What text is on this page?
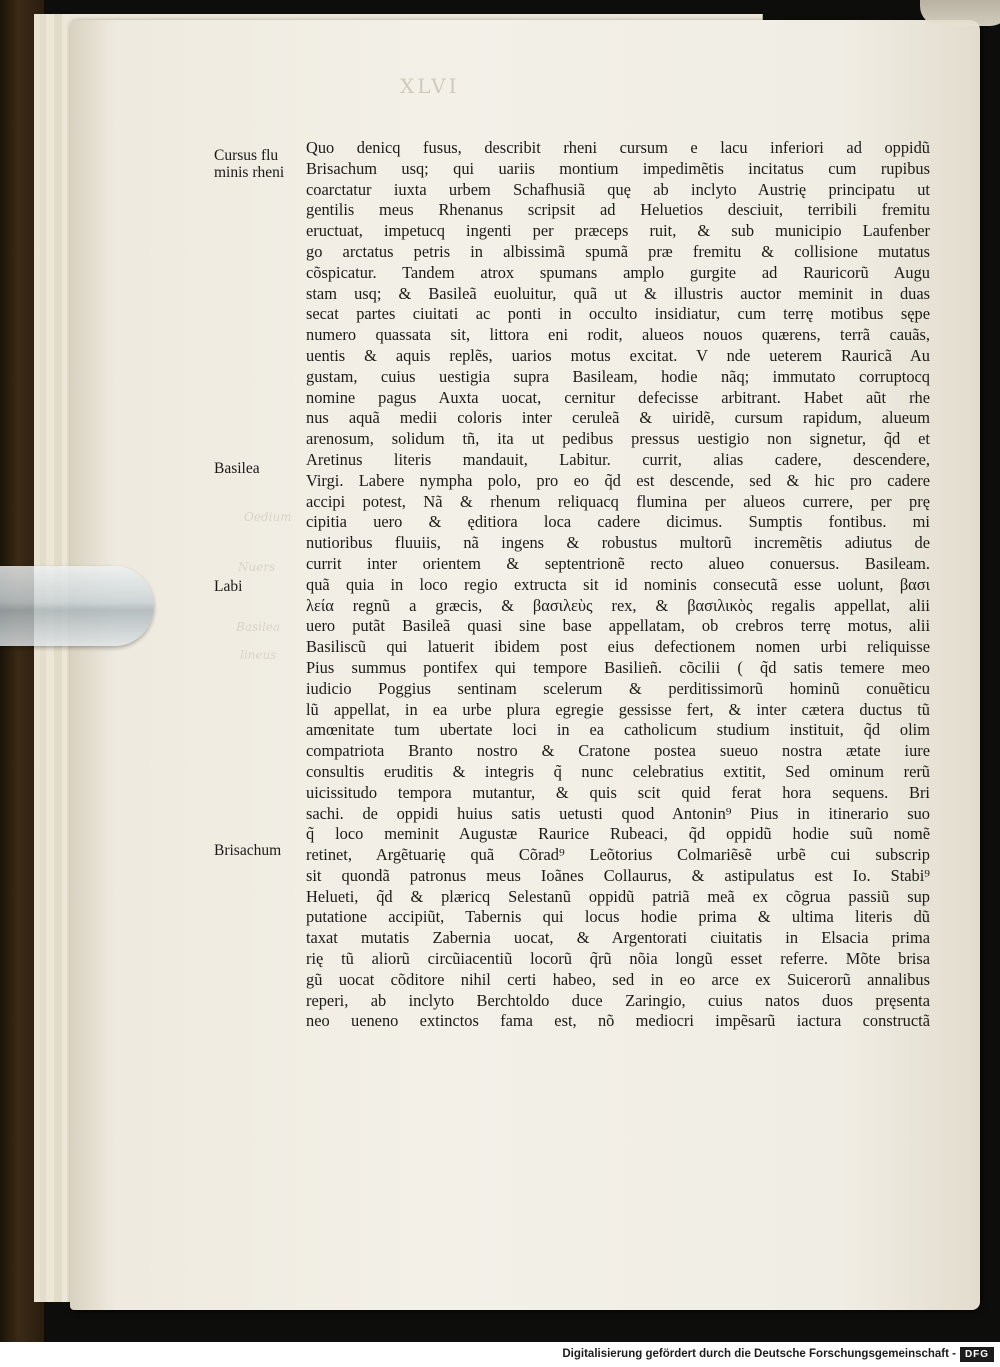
XLVI
Oedium
Nuers
Basilea
lineus
Cursus flu minis rheni
Basilea
Labi
Brisachum
Quo denicq fusus, describit rheni cursum e lacu inferiori ad oppidũ
Brisachum usq; qui uariis montium impedimẽtis incitatus cum rupibus
coarctatur iuxta urbem Schafhusiã quę ab inclyto Austrię principatu ut
gentilis meus Rhenanus scripsit ad Heluetios desciuit, terribili fremitu
eructuat, impetucq ingenti per præceps ruit, & sub municipio Laufenber
go arctatus petris in albissimã spumã præ fremitu & collisione mutatus
cõspicatur. Tandem atrox spumans amplo gurgite ad Rauricorũ Augu
stam usq; & Basileã euoluitur, quã ut & illustris auctor meminit in duas
secat partes ciuitati ac ponti in occulto insidiatur, cum terrę motibus sępe
numero quassata sit, littora eni rodit, alueos nouos quærens, terrã cauãs,
uentis & aquis replẽs, uarios motus excitat. V nde ueterem Rauricã Au
gustam, cuius uestigia supra Basileam, hodie nãq; immutato corruptocq
nomine pagus Auxta uocat, cernitur defecisse arbitrant. Habet aũt rhe
nus aquã medii coloris inter ceruleã & uiridẽ, cursum rapidum, alueum
arenosum, solidum tñ, ita ut pedibus pressus uestigio non signetur, q̃d et
Aretinus literis mandauit, Labitur. currit, alias cadere, descendere,
Virgi. Labere nympha polo, pro eo q̃d est descende, sed & hic pro cadere
accipi potest, Nã & rhenum reliquacq flumina per alueos currere, per prę
cipitia uero & ęditiora loca cadere dicimus. Sumptis fontibus. mi
nutioribus fluuiis, nã ingens & robustus multorũ incremẽtis adiutus de
currit inter orientem & septentrionẽ recto alueo conuersus. Basileam.
quã quia in loco regio extructa sit id nominis consecutã esse uolunt, βασι
λεία regnũ a græcis, & βασιλεὺς rex, & βασιλικὸς regalis appellat, alii
uero putãt Basileã quasi sine base appellatam, ob crebros terrę motus, alii
Basiliscũ qui latuerit ibidem post eius defectionem nomen urbi reliquisse
Pius summus pontifex qui tempore Basilieñ. cõcilii ( q̃d satis temere meo
iudicio Poggius sentinam scelerum & perditissimorũ hominũ conuẽticu
lũ appellat, in ea urbe plura egregie gessisse fert, & inter cætera ductus tũ
amœnitate tum ubertate loci in ea catholicum studium instituit, q̃d olim
compatriota Branto nostro & Cratone postea sueuo nostra ætate iure
consultis eruditis & integris q̃ nunc celebratius extitit, Sed ominum rerũ
uicissitudo tempora mutantur, & quis scit quid ferat hora sequens. Bri
sachi. de oppidi huius satis uetusti quod Antonin⁹ Pius in itinerario suo
q̃ loco meminit Augustæ Raurice Rubeaci, q̃d oppidũ hodie suũ nomẽ
retinet, Argẽtuarię quã Cõrad⁹ Leõtorius Colmariẽsẽ urbẽ cui subscrip
sit quondã patronus meus Ioãnes Collaurus, & astipulatus est Io. Stabi⁹
Helueti, q̃d & plæricq Selestanũ oppidũ patriã meã ex cõgrua passiũ sup
putatione accipiũt, Tabernis qui locus hodie prima & ultima literis dũ
taxat mutatis Zabernia uocat, & Argentorati ciuitatis in Elsacia prima
rię tũ aliorũ circũiacentiũ locorũ q̃rũ nõia longũ esset referre. Mõte brisa
gũ uocat cõditore nihil certi habeo, sed in eo arce ex Suicerorũ annalibus
reperi, ab inclyto Berchtoldo duce Zaringio, cuius natos duos pręsenta
neo ueneno extinctos fama est, nõ mediocri impẽsarũ iactura constructã
Digitalisierung gefördert durch die Deutsche Forschungsgemeinschaft - DFG
